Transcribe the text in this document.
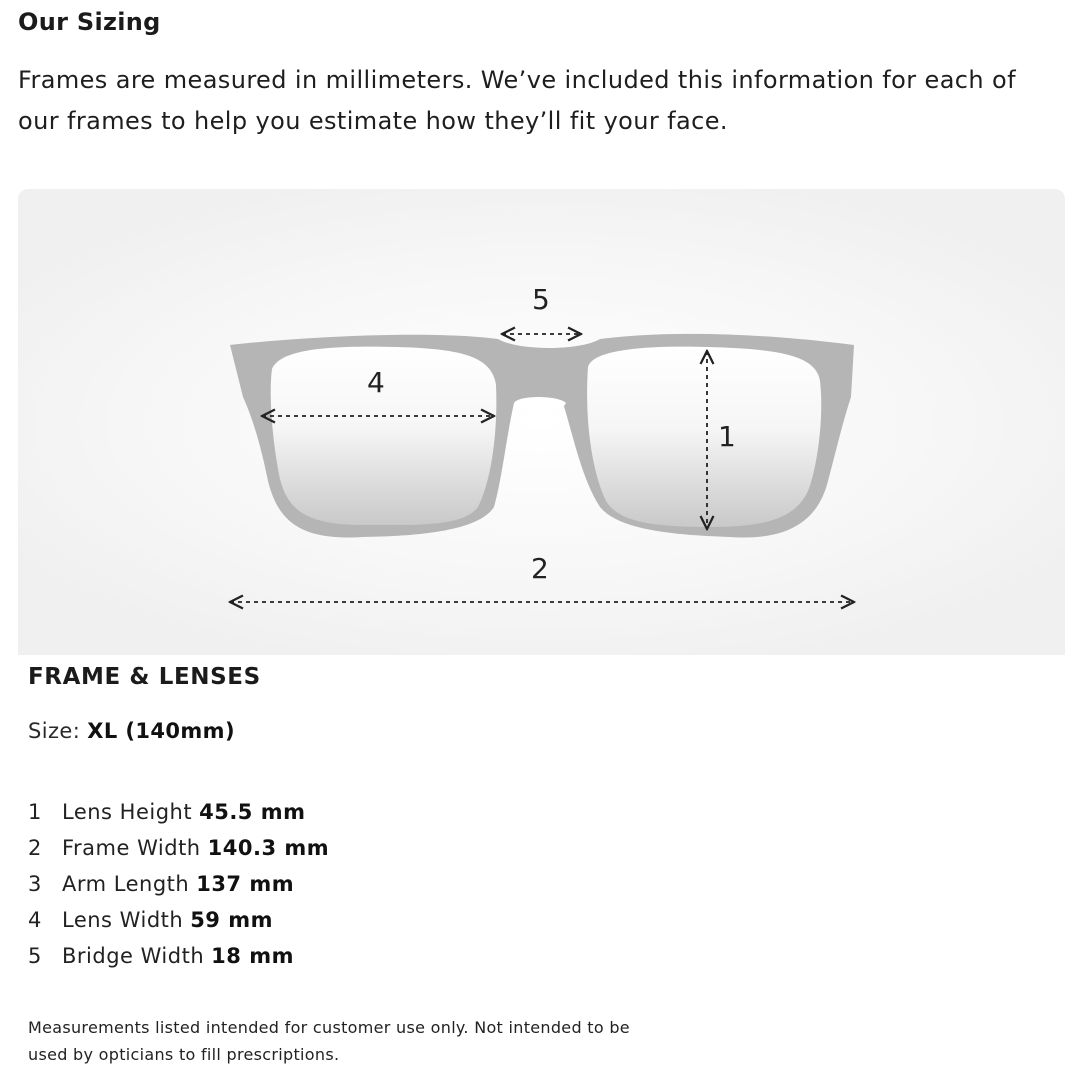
Our Sizing
Frames are measured in millimeters. We’ve included this information for each of our frames to help you estimate how they’ll fit your face.
5
4
1
2
FRAME & LENSES
Size: XL (140mm)
1 Lens Height 45.5 mm
2 Frame Width 140.3 mm
3 Arm Length 137 mm
4 Lens Width 59 mm
5 Bridge Width 18 mm
Measurements listed intended for customer use only. Not intended to be used by opticians to fill prescriptions.
